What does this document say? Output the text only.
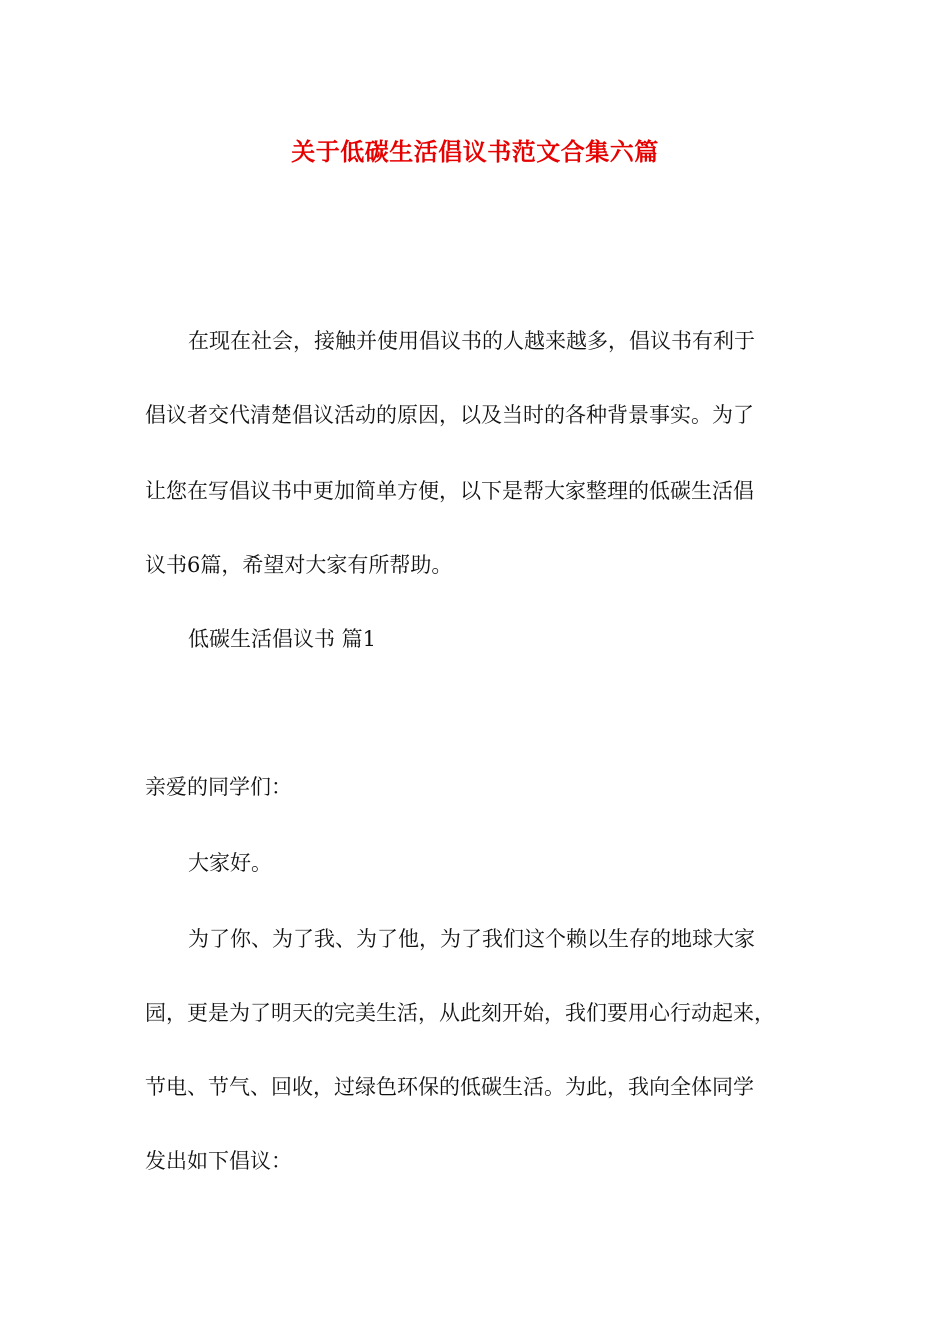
关于低碳生活倡议书范文合集六篇
在现在社会，接触并使用倡议书的人越来越多，倡议书有利于
倡议者交代清楚倡议活动的原因，以及当时的各种背景事实。为了
让您在写倡议书中更加简单方便，以下是帮大家整理的低碳生活倡
议书6篇，希望对大家有所帮助。
低碳生活倡议书 篇1
亲爱的同学们：
大家好。
为了你、为了我、为了他，为了我们这个赖以生存的地球大家
园，更是为了明天的完美生活，从此刻开始，我们要用心行动起来，
节电、节气、回收，过绿色环保的低碳生活。为此，我向全体同学
发出如下倡议：
